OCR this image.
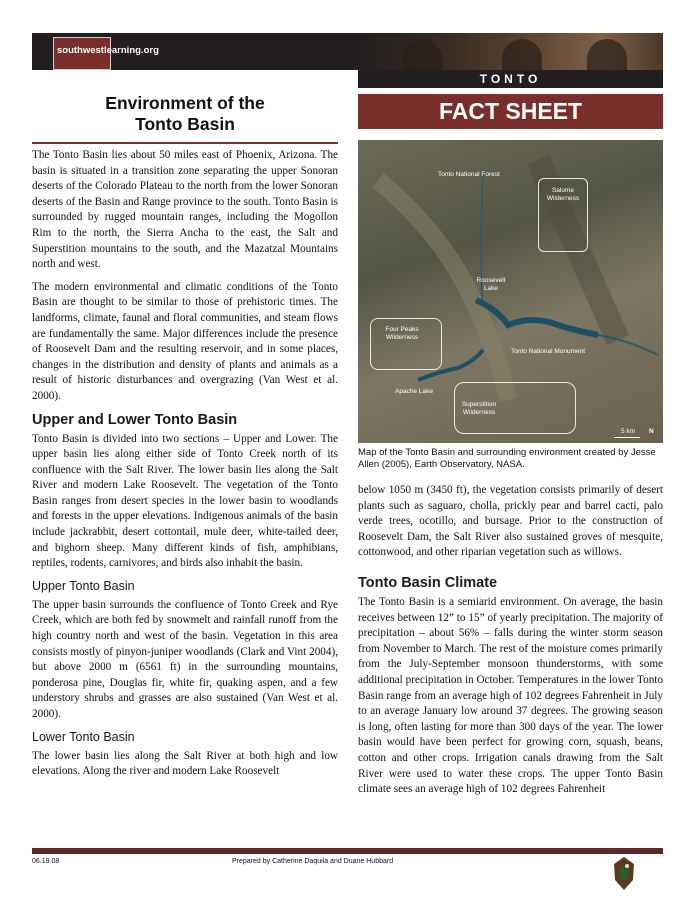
southwestlearning.org
TONTO
FACT SHEET
Environment of the
Tonto Basin

The Tonto Basin lies about 50 miles east of Phoenix, Arizona. The basin is situated in a transition zone separating the upper Sonoran deserts of the Colorado Plateau to the north from the lower Sonoran deserts of the Basin and Range province to the south. Tonto Basin is surrounded by rugged mountain ranges, including the Mogollon Rim to the north, the Sierra Ancha to the east, the Salt and Superstition mountains to the south, and the Mazatzal Mountains north and west.

The modern environmental and climatic conditions of the Tonto Basin are thought to be similar to those of prehistoric times. The landforms, climate, faunal and floral communities, and steam flows are fundamentally the same. Major differences include the presence of Roosevelt Dam and the resulting reservoir, and in some places, changes in the distribution and density of plants and animals as a result of historic disturbances and overgrazing (Van West et al. 2000).

Upper and Lower Tonto Basin

Tonto Basin is divided into two sections – Upper and Lower. The upper basin lies along either side of Tonto Creek north of its confluence with the Salt River. The lower basin lies along the Salt River and modern Lake Roosevelt. The vegetation of the Tonto Basin ranges from desert species in the lower basin to woodlands and forests in the upper elevations. Indigenous animals of the basin include jackrabbit, desert cottontail, mule deer, white-tailed deer, and bighorn sheep. Many different kinds of fish, amphibians, reptiles, rodents, carnivores, and birds also inhabit the basin.

Upper Tonto Basin

The upper basin surrounds the confluence of Tonto Creek and Rye Creek, which are both fed by snowmelt and rainfall runoff from the high country north and west of the basin. Vegetation in this area consists mostly of pinyon-juniper woodlands (Clark and Vint 2004), but above 2000 m (6561 ft) in the surrounding mountains, ponderosa pine, Douglas fir, white fir, quaking aspen, and a few understory shrubs and grasses are also sustained (Van West et al. 2000).

Lower Tonto Basin

The lower basin lies along the Salt River at both high and low elevations. Along the river and modern Lake Roosevelt

Tonto National Forest
Salome Wilderness
Roosevelt Lake
Four Peaks Wilderness
Tonto National Monument
Apache Lake
Superstition Wilderness
5 km N
Map of the Tonto Basin and surrounding environment created by Jesse Allen (2005), Earth Observatory, NASA.

below 1050 m (3450 ft), the vegetation consists primarily of desert plants such as saguaro, cholla, prickly pear and barrel cacti, palo verde trees, ocotillo, and bursage. Prior to the construction of Roosevelt Dam, the Salt River also sustained groves of mesquite, cottonwood, and other riparian vegetation such as willows.

Tonto Basin Climate

The Tonto Basin is a semiarid environment. On average, the basin receives between 12” to 15” of yearly precipitation. The majority of precipitation – about 56% – falls during the winter storm season from November to March. The rest of the moisture comes primarily from the July-September monsoon thunderstorms, with some additional precipitation in October. Temperatures in the lower Tonto Basin range from an average high of 102 degrees Fahrenheit in July to an average January low around 37 degrees. The growing season is long, often lasting for more than 300 days of the year. The lower basin would have been perfect for growing corn, squash, beans, cotton and other crops. Irrigation canals drawing from the Salt River were used to water these crops. The upper Tonto Basin climate sees an average high of 102 degrees Fahrenheit

06.19.08	Prepared by Catherine Daquila and Duane Hubbard
